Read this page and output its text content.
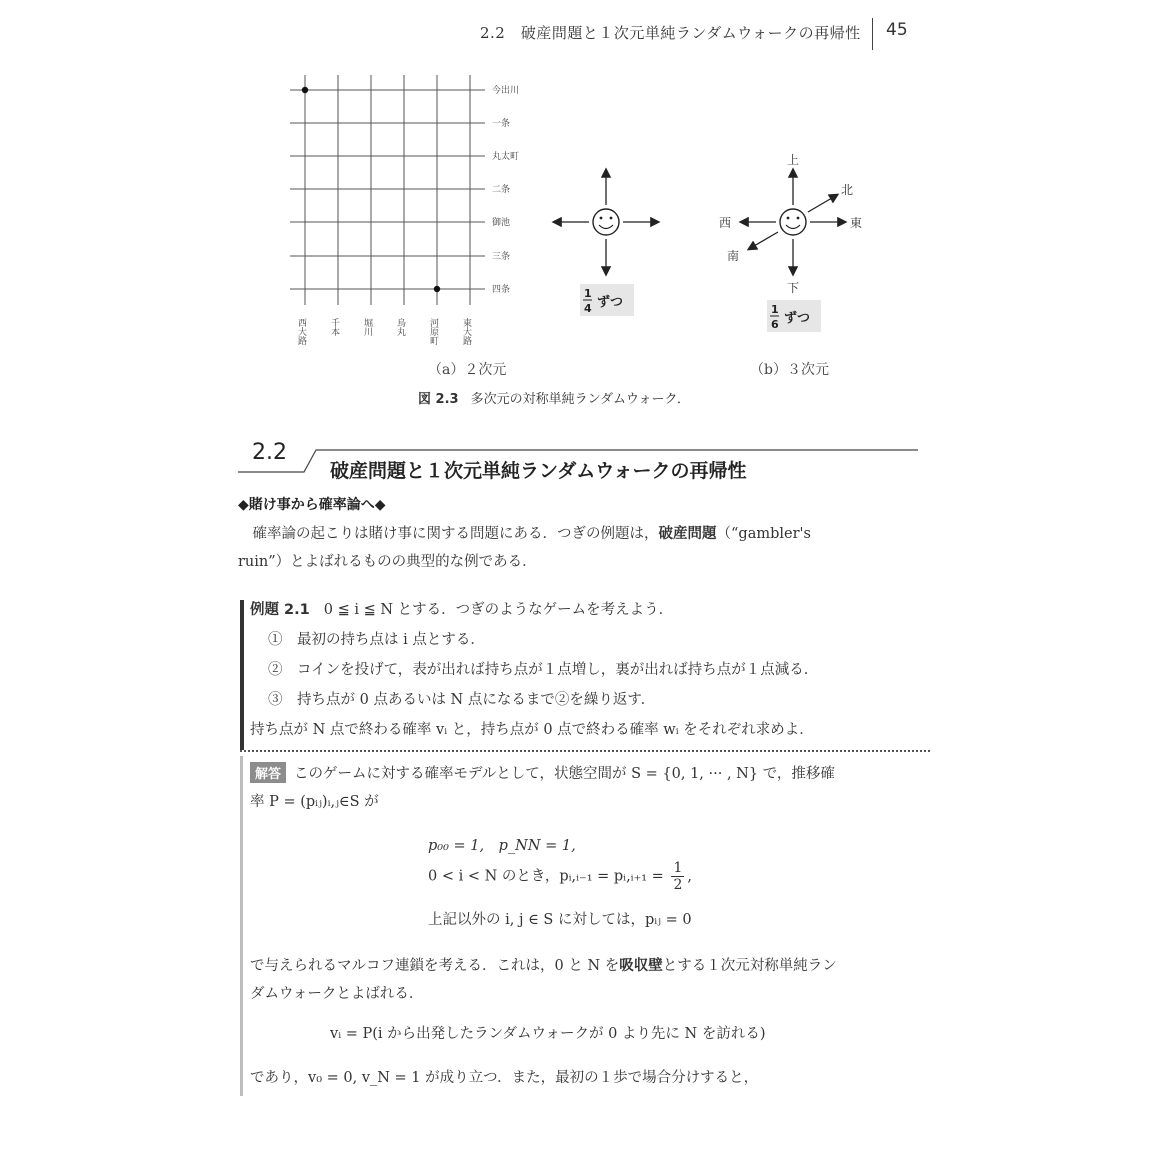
2.2　破産問題と１次元単純ランダムウォークの再帰性 45
今出川
一条
丸太町
二条
御池
三条
四条
西大路	千本	堀川	烏丸	河原町	東大路
1
4 ずつ
上
下
西	東
北
南
1
6 ずつ
（a）２次元	（b）３次元
図 2.3 多次元の対称単純ランダムウォーク．
2.2
破産問題と１次元単純ランダムウォークの再帰性
◆賭け事から確率論へ◆
確率論の起こりは賭け事に関する問題にある．つぎの例題は，破産問題（“gambler's
ruin”）とよばれるものの典型的な例である．
例題 2.1 0 ≦ i ≦ N とする．つぎのようなゲームを考えよう．
①　最初の持ち点は i 点とする．
②　コインを投げて，表が出れば持ち点が１点増し，裏が出れば持ち点が１点減る．
③　持ち点が 0 点あるいは N 点になるまで②を繰り返す．
持ち点が N 点で終わる確率 vᵢ と，持ち点が 0 点で終わる確率 wᵢ をそれぞれ求めよ．
解答 このゲームに対する確率モデルとして，状態空間が S = {0, 1, ··· , N} で，推移確
率 P = (pᵢⱼ)ᵢ,ⱼ∈S が
p₀₀ = 1,　p_NN = 1,
0 < i < N のとき，pᵢ,ᵢ₋₁ = pᵢ,ᵢ₊₁ = $\frac{1}{2}$ ,
上記以外の i, j ∈ S に対しては，pᵢⱼ = 0
で与えられるマルコフ連鎖を考える．これは，0 と N を吸収壁とする１次元対称単純ラン
ダムウォークとよばれる．
vᵢ = P(i から出発したランダムウォークが 0 より先に N を訪れる)
であり，v₀ = 0, v_N = 1 が成り立つ．また，最初の１歩で場合分けすると，
